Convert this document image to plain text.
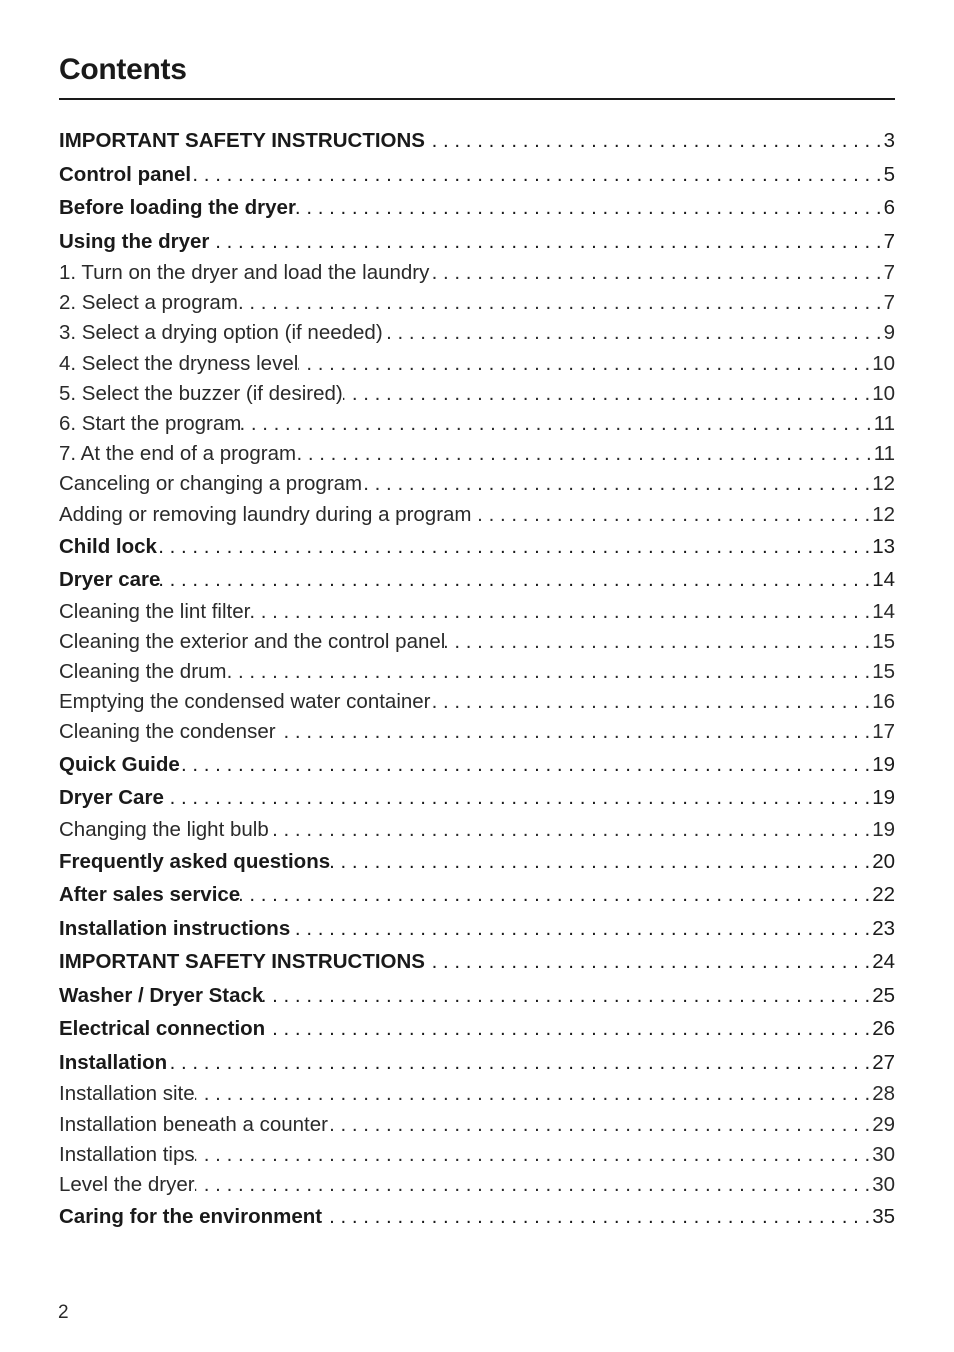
Contents
IMPORTANT SAFETY INSTRUCTIONS . . .	3
Control panel . . .	5
Before loading the dryer . . .	6
Using the dryer . . .	7
1. Turn on the dryer and load the laundry . . .	7
2. Select a program . . .	7
3. Select a drying option (if needed) . . .	9
4. Select the dryness level . . .	10
5. Select the buzzer (if desired) . . .	10
6. Start the program . . .	11
7. At the end of a program . . .	11
Canceling or changing a program . . .	12
Adding or removing laundry during a program . . .	12
Child lock . . .	13
Dryer care . . .	14
Cleaning the lint filter . . .	14
Cleaning the exterior and the control panel . . .	15
Cleaning the drum . . .	15
Emptying the condensed water container . . .	16
Cleaning the condenser . . .	17
Quick Guide . . .	19
Dryer Care . . .	19
Changing the light bulb . . .	19
Frequently asked questions . . .	20
After sales service . . .	22
Installation instructions . . .	23
IMPORTANT SAFETY INSTRUCTIONS . . .	24
Washer / Dryer Stack . . .	25
Electrical connection . . .	26
Installation . . .	27
Installation site . . .	28
Installation beneath a counter . . .	29
Installation tips . . .	30
Level the dryer . . .	30
Caring for the environment . . .	35
2
